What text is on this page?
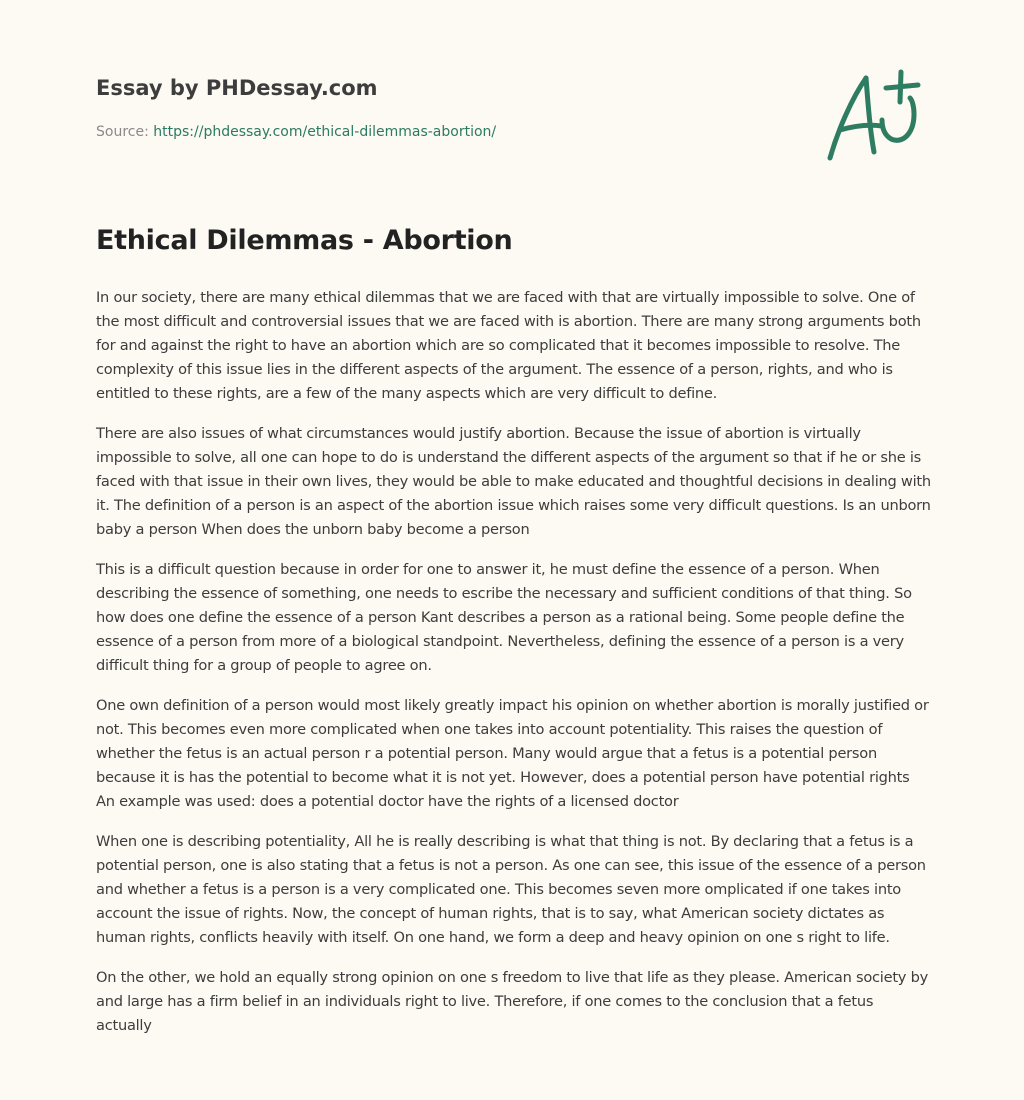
Essay by PHDessay.com
Source: https://phdessay.com/ethical-dilemmas-abortion/
Ethical Dilemmas - Abortion

In our society, there are many ethical dilemmas that we are faced with that are virtually impossible to solve. One of the most difficult and controversial issues that we are faced with is abortion. There are many strong arguments both for and against the right to have an abortion which are so complicated that it becomes impossible to resolve. The complexity of this issue lies in the different aspects of the argument. The essence of a person, rights, and who is entitled to these rights, are a few of the many aspects which are very difficult to define.

There are also issues of what circumstances would justify abortion. Because the issue of abortion is virtually impossible to solve, all one can hope to do is understand the different aspects of the argument so that if he or she is faced with that issue in their own lives, they would be able to make educated and thoughtful decisions in dealing with it. The definition of a person is an aspect of the abortion issue which raises some very difficult questions. Is an unborn baby a person When does the unborn baby become a person

This is a difficult question because in order for one to answer it, he must define the essence of a person. When describing the essence of something, one needs to escribe the necessary and sufficient conditions of that thing. So how does one define the essence of a person Kant describes a person as a rational being. Some people define the essence of a person from more of a biological standpoint. Nevertheless, defining the essence of a person is a very difficult thing for a group of people to agree on.

One own definition of a person would most likely greatly impact his opinion on whether abortion is morally justified or not. This becomes even more complicated when one takes into account potentiality. This raises the question of whether the fetus is an actual person r a potential person. Many would argue that a fetus is a potential person because it is has the potential to become what it is not yet. However, does a potential person have potential rights An example was used: does a potential doctor have the rights of a licensed doctor

When one is describing potentiality, All he is really describing is what that thing is not. By declaring that a fetus is a potential person, one is also stating that a fetus is not a person. As one can see, this issue of the essence of a person and whether a fetus is a person is a very complicated one. This becomes seven more omplicated if one takes into account the issue of rights. Now, the concept of human rights, that is to say, what American society dictates as human rights, conflicts heavily with itself. On one hand, we form a deep and heavy opinion on one s right to life.

On the other, we hold an equally strong opinion on one s freedom to live that life as they please. American society by and large has a firm belief in an individuals right to live. Therefore, if one comes to the conclusion that a fetus actually
